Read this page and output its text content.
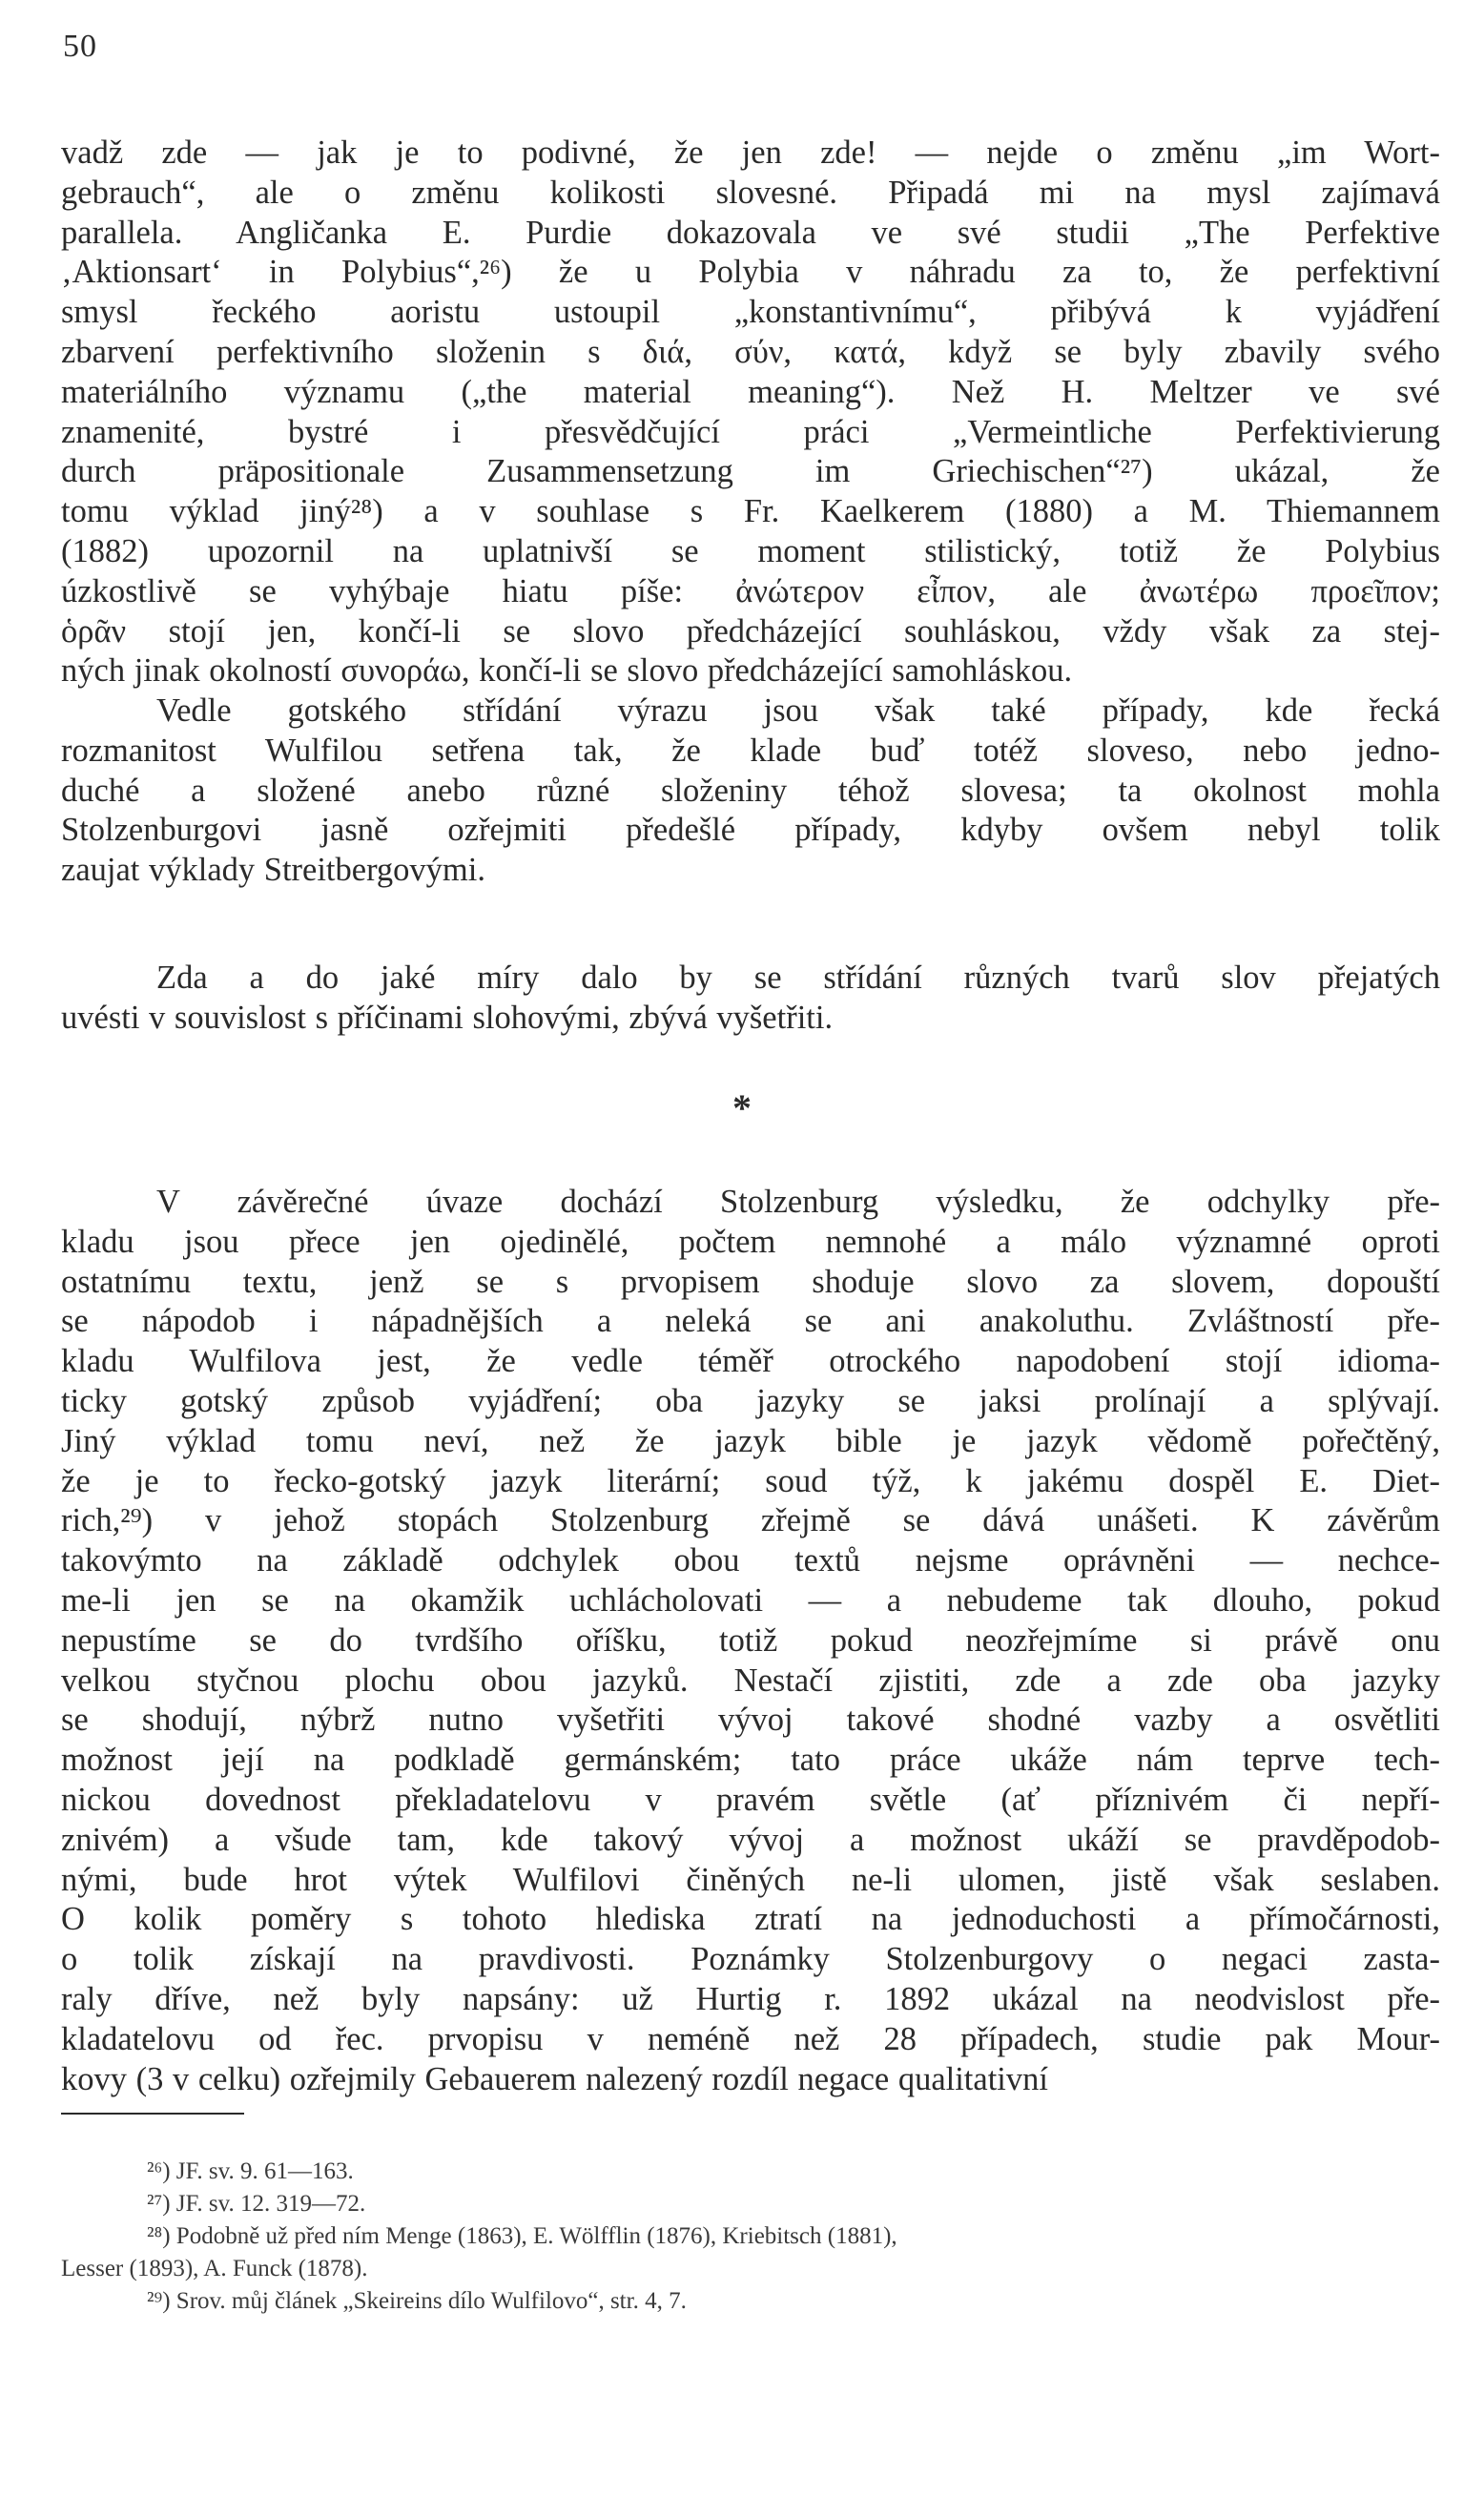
50
vadž zde — jak je to podivné, že jen zde! — nejde o změnu „im Wort-
gebrauch“, ale o změnu kolikosti slovesné. Připadá mi na mysl zajímavá
parallela. Angličanka E. Purdie dokazovala ve své studii „The Perfektive
‚Aktionsart‘ in Polybius“,²⁶) že u Polybia v náhradu za to, že perfektivní
smysl řeckého aoristu ustoupil „konstantivnímu“, přibývá k vyjádření
zbarvení perfektivního složenin s διά, σύν, κατά, když se byly zbavily svého
materiálního významu („the material meaning“). Než H. Meltzer ve své
znamenité, bystré i přesvědčující práci „Vermeintliche Perfektivierung
durch präpositionale Zusammensetzung im Griechischen“²⁷) ukázal, že
tomu výklad jiný²⁸) a v souhlase s Fr. Kaelkerem (1880) a M. Thiemannem
(1882) upozornil na uplatnivší se moment stilistický, totiž že Polybius
úzkostlivě se vyhýbaje hiatu píše: ἀνώτερον εἶπον, ale ἀνωτέρω προεῖπον;
ὁρᾶν stojí jen, končí-li se slovo předcházející souhláskou, vždy však za stej-
ných jinak okolností συνοράω, končí-li se slovo předcházející samohláskou.
Vedle gotského střídání výrazu jsou však také případy, kde řecká
rozmanitost Wulfilou setřena tak, že klade buď totéž sloveso, nebo jedno-
duché a složené anebo různé složeniny téhož slovesa; ta okolnost mohla
Stolzenburgovi jasně ozřejmiti předešlé případy, kdyby ovšem nebyl tolik
zaujat výklady Streitbergovými.
Zda a do jaké míry dalo by se střídání různých tvarů slov přejatých
uvésti v souvislost s příčinami slohovými, zbývá vyšetřiti.
*
V závěrečné úvaze dochází Stolzenburg výsledku, že odchylky pře-
kladu jsou přece jen ojedinělé, počtem nemnohé a málo významné oproti
ostatnímu textu, jenž se s prvopisem shoduje slovo za slovem, dopouští
se nápodob i nápadnějších a neleká se ani anakoluthu. Zvláštností pře-
kladu Wulfilova jest, že vedle téměř otrockého napodobení stojí idioma-
ticky gotský způsob vyjádření; oba jazyky se jaksi prolínají a splývají.
Jiný výklad tomu neví, než že jazyk bible je jazyk vědomě pořečtěný,
že je to řecko-gotský jazyk literární; soud týž, k jakému dospěl E. Diet-
rich,²⁹) v jehož stopách Stolzenburg zřejmě se dává unášeti. K závěrům
takovýmto na základě odchylek obou textů nejsme oprávněni — nechce-
me-li jen se na okamžik uchlácholovati — a nebudeme tak dlouho, pokud
nepustíme se do tvrdšího oříšku, totiž pokud neozřejmíme si právě onu
velkou styčnou plochu obou jazyků. Nestačí zjistiti, zde a zde oba jazyky
se shodují, nýbrž nutno vyšetřiti vývoj takové shodné vazby a osvětliti
možnost její na podkladě germánském; tato práce ukáže nám teprve tech-
nickou dovednost překladatelovu v pravém světle (ať příznivém či nepří-
znivém) a všude tam, kde takový vývoj a možnost ukáží se pravděpodob-
nými, bude hrot výtek Wulfilovi činěných ne-li ulomen, jistě však seslaben.
O kolik poměry s tohoto hlediska ztratí na jednoduchosti a přímočárnosti,
o tolik získají na pravdivosti. Poznámky Stolzenburgovy o negaci zasta-
raly dříve, než byly napsány: už Hurtig r. 1892 ukázal na neodvislost pře-
kladatelovu od řec. prvopisu v neméně než 28 případech, studie pak Mour-
kovy (3 v celku) ozřejmily Gebauerem nalezený rozdíl negace qualitativní
²⁶) JF. sv. 9. 61—163.
²⁷) JF. sv. 12. 319—72.
²⁸) Podobně už před ním Menge (1863), E. Wölfflin (1876), Kriebitsch (1881),
Lesser (1893), A. Funck (1878).
²⁹) Srov. můj článek „Skeireins dílo Wulfilovo“, str. 4, 7.
